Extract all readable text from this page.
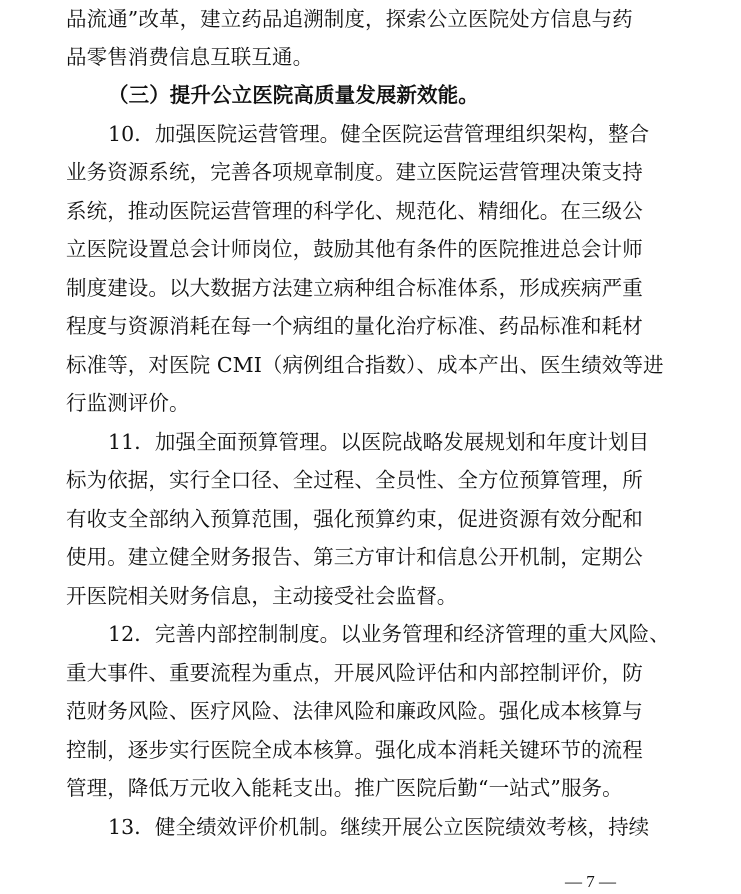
品流通”改革，建立药品追溯制度，探索公立医院处方信息与药
品零售消费信息互联互通。
（三）提升公立医院高质量发展新效能。
10．加强医院运营管理。健全医院运营管理组织架构，整合
业务资源系统，完善各项规章制度。建立医院运营管理决策支持
系统，推动医院运营管理的科学化、规范化、精细化。在三级公
立医院设置总会计师岗位，鼓励其他有条件的医院推进总会计师
制度建设。以大数据方法建立病种组合标准体系，形成疾病严重
程度与资源消耗在每一个病组的量化治疗标准、药品标准和耗材
标准等，对医院 CMI（病例组合指数）、成本产出、医生绩效等进
行监测评价。
11．加强全面预算管理。以医院战略发展规划和年度计划目
标为依据，实行全口径、全过程、全员性、全方位预算管理，所
有收支全部纳入预算范围，强化预算约束，促进资源有效分配和
使用。建立健全财务报告、第三方审计和信息公开机制，定期公
开医院相关财务信息，主动接受社会监督。
12．完善内部控制制度。以业务管理和经济管理的重大风险、
重大事件、重要流程为重点，开展风险评估和内部控制评价，防
范财务风险、医疗风险、法律风险和廉政风险。强化成本核算与
控制，逐步实行医院全成本核算。强化成本消耗关键环节的流程
管理，降低万元收入能耗支出。推广医院后勤“一站式”服务。
13．健全绩效评价机制。继续开展公立医院绩效考核，持续
— 7 —
